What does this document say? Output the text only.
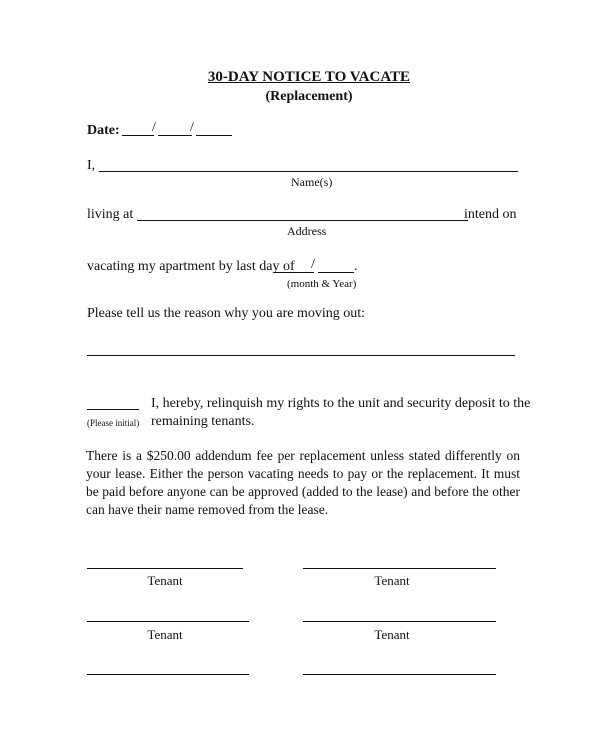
30-DAY NOTICE TO VACATE
(Replacement)
Date: / /
I,
Name(s)
living at	intend on
Address
vacating my apartment by last day of /	.
(month & Year)
Please tell us the reason why you are moving out:
I, hereby, relinquish my rights to the unit and security deposit to the
(Please initial) remaining tenants.
There is a $250.00 addendum fee per replacement unless stated differently on your lease. Either the person vacating needs to pay or the replacement. It must be paid before anyone can be approved (added to the lease) and before the other can have their name removed from the lease.
Tenant	Tenant
Tenant	Tenant
